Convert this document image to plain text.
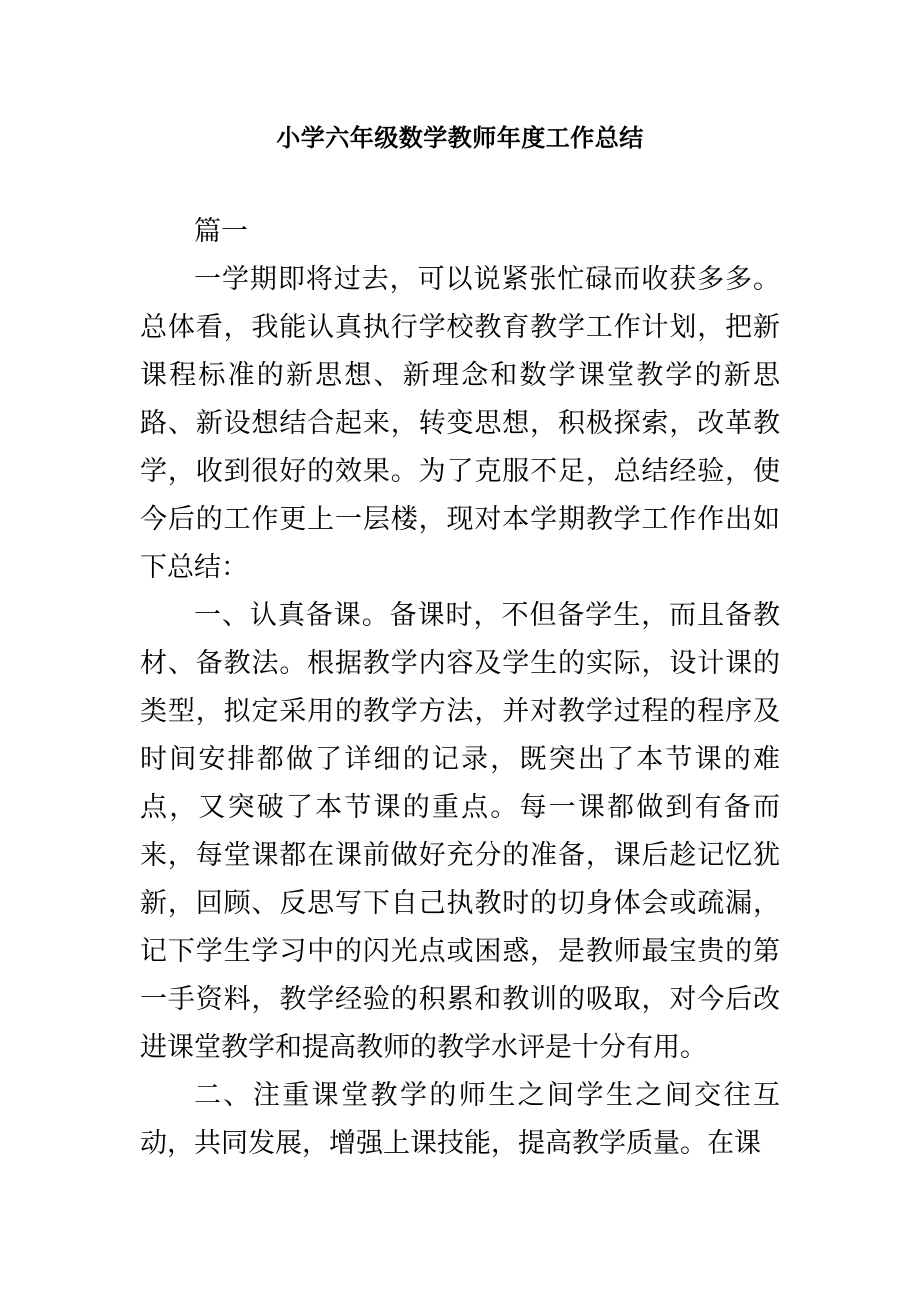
小学六年级数学教师年度工作总结

篇一

一学期即将过去，可以说紧张忙碌而收获多多。总体看，我能认真执行学校教育教学工作计划，把新课程标准的新思想、新理念和数学课堂教学的新思路、新设想结合起来，转变思想，积极探索，改革教学，收到很好的效果。为了克服不足，总结经验，使今后的工作更上一层楼，现对本学期教学工作作出如下总结：

一、认真备课。备课时，不但备学生，而且备教材、备教法。根据教学内容及学生的实际，设计课的类型，拟定采用的教学方法，并对教学过程的程序及时间安排都做了详细的记录，既突出了本节课的难点，又突破了本节课的重点。每一课都做到有备而来，每堂课都在课前做好充分的准备，课后趁记忆犹新，回顾、反思写下自己执教时的切身体会或疏漏，记下学生学习中的闪光点或困惑，是教师最宝贵的第一手资料，教学经验的积累和教训的吸取，对今后改进课堂教学和提高教师的教学水评是十分有用。

二、注重课堂教学的师生之间学生之间交往互动，共同发展，增强上课技能，提高教学质量。在课
